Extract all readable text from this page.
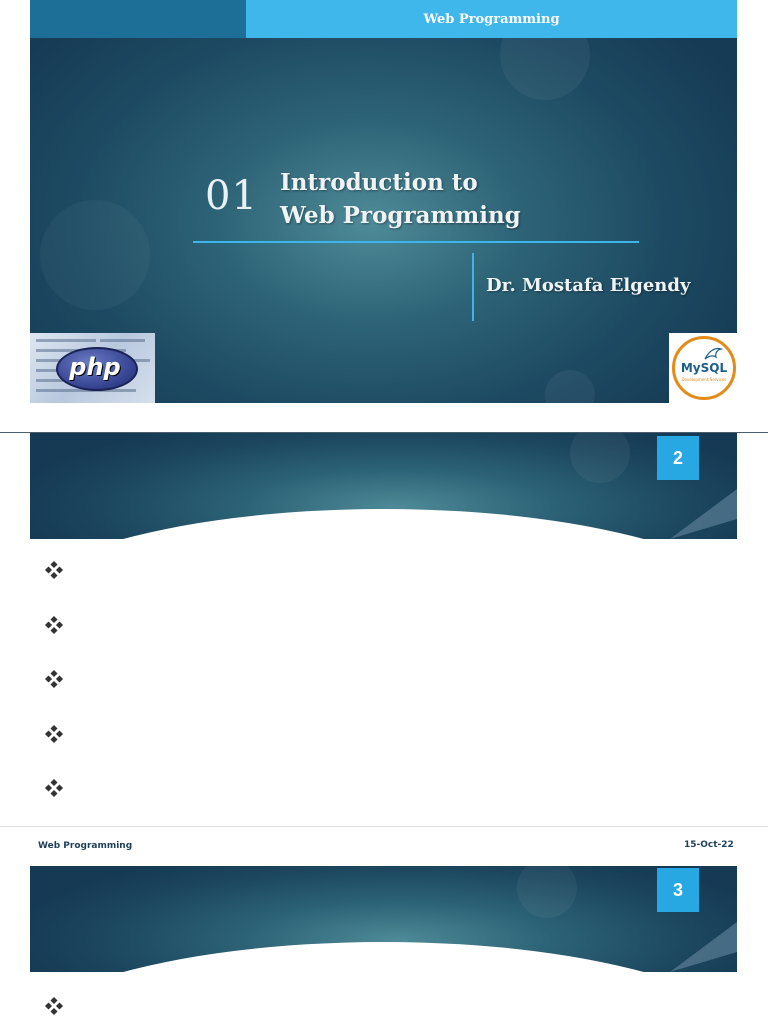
Web Programming
01 Introduction to
Web Programming
Dr. Mostafa Elgendy
php	MySQL
Development Services
2
Web Programming	15-Oct-22
3
